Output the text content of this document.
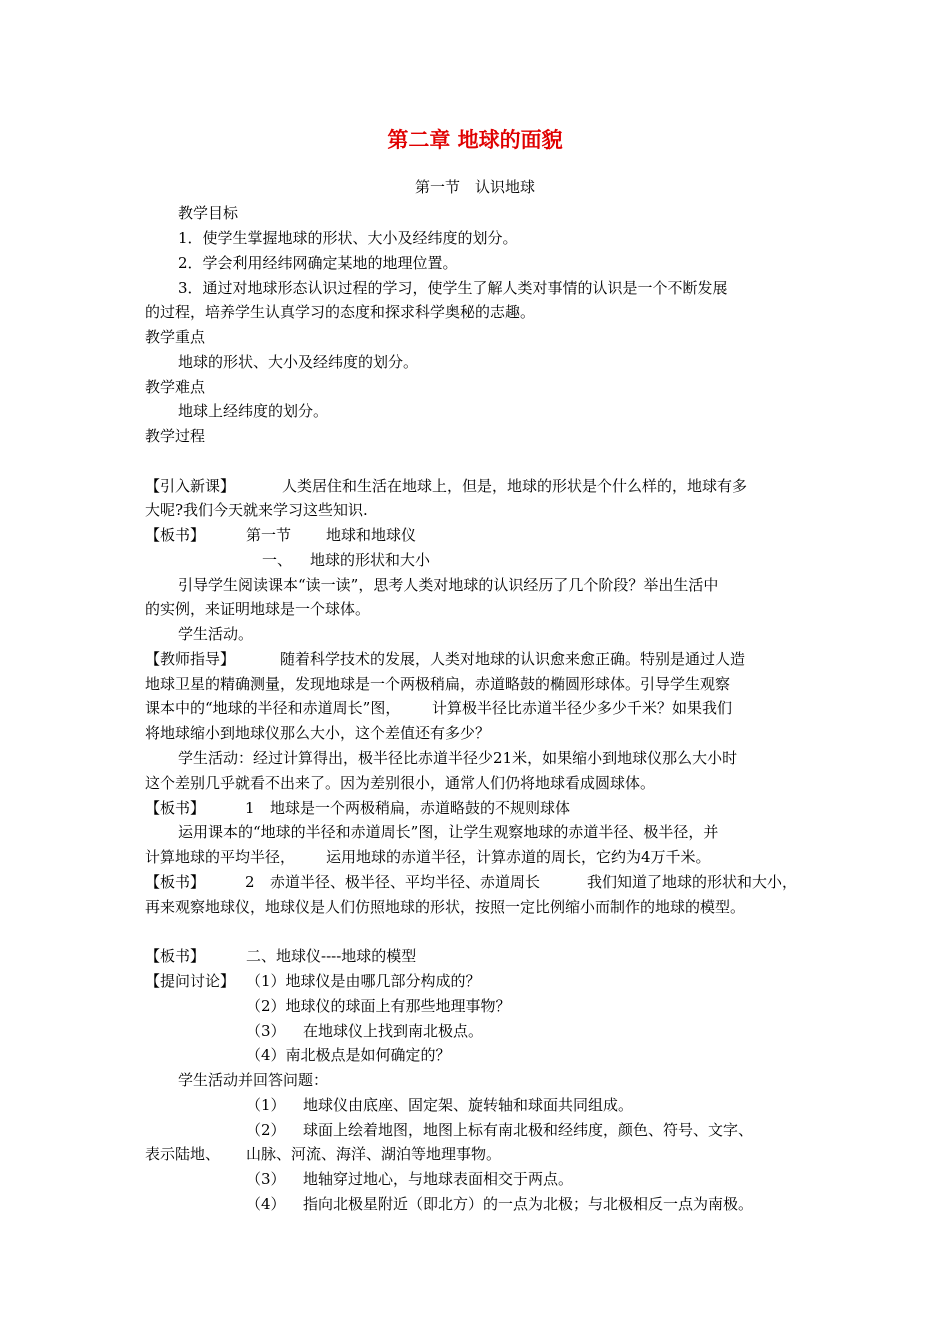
第二章 地球的面貌
第一节　认识地球
教学目标
1．使学生掌握地球的形状、大小及经纬度的划分。
2．学会利用经纬网确定某地的地理位置。
3．通过对地球形态认识过程的学习，使学生了解人类对事情的认识是一个不断发展
的过程，培养学生认真学习的态度和探求科学奥秘的志趣。
教学重点
地球的形状、大小及经纬度的划分。
教学难点
地球上经纬度的划分。
教学过程
【引入新课】	人类居住和生活在地球上，但是，地球的形状是个什么样的，地球有多
大呢?我们今天就来学习这些知识.
【板书】	第一节 地球和地球仪
一、 地球的形状和大小
引导学生阅读课本“读一读”，思考人类对地球的认识经历了几个阶段？举出生活中
的实例，来证明地球是一个球体。
学生活动。
【教师指导】	随着科学技术的发展，人类对地球的认识愈来愈正确。特别是通过人造
地球卫星的精确测量，发现地球是一个两极稍扁，赤道略鼓的椭圆形球体。引导学生观察
课本中的“地球的半径和赤道周长”图， 计算极半径比赤道半径少多少千米？如果我们
将地球缩小到地球仪那么大小，这个差值还有多少？
学生活动：经过计算得出，极半径比赤道半径少21米，如果缩小到地球仪那么大小时
这个差别几乎就看不出来了。因为差别很小，通常人们仍将地球看成圆球体。
【板书】	1 地球是一个两极稍扁，赤道略鼓的不规则球体
运用课本的“地球的半径和赤道周长”图，让学生观察地球的赤道半径、极半径，并
计算地球的平均半径， 运用地球的赤道半径，计算赤道的周长，它约为4万千米。
【板书】	2 赤道半径、极半径、平均半径、赤道周长	我们知道了地球的形状和大小，
再来观察地球仪，地球仪是人们仿照地球的形状，按照一定比例缩小而制作的地球的模型。
【板书】	二、地球仪----地球的模型
【提问讨论】 （1）地球仪是由哪几部分构成的？
（2）地球仪的球面上有那些地理事物？
（3） 在地球仪上找到南北极点。
（4）南北极点是如何确定的？
学生活动并回答问题：
（1） 地球仪由底座、固定架、旋转轴和球面共同组成。
（2） 球面上绘着地图，地图上标有南北极和经纬度，颜色、符号、文字、
表示陆地、 山脉、河流、海洋、湖泊等地理事物。
（3） 地轴穿过地心，与地球表面相交于两点。
（4） 指向北极星附近（即北方）的一点为北极；与北极相反一点为南极。
